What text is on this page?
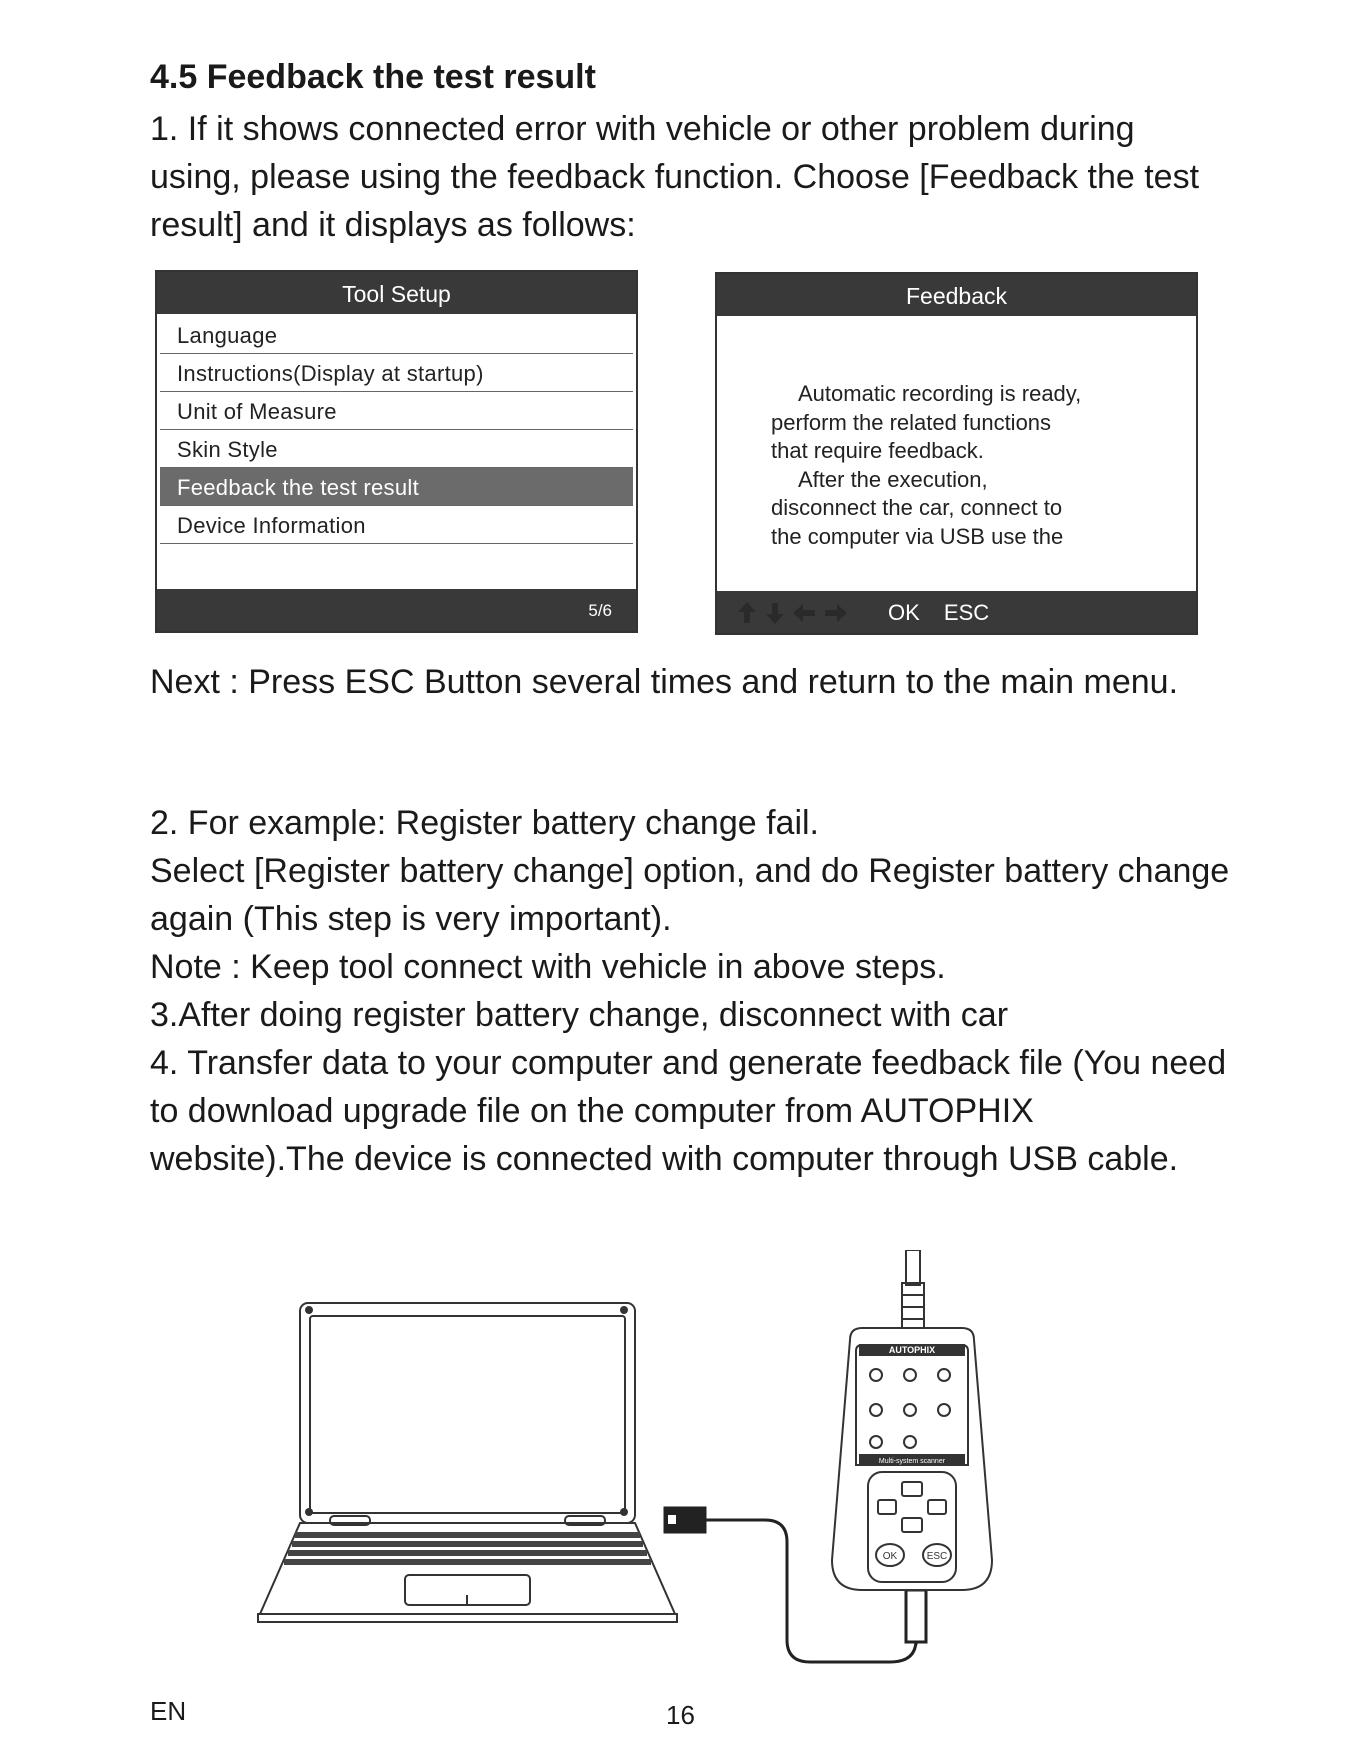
4.5 Feedback the test result

1. If it shows connected error with vehicle or other problem during using, please using the feedback function. Choose [Feedback the test result] and it displays as follows:

Tool Setup
Language
Instructions(Display at startup)
Unit of Measure
Skin Style
Feedback the test result
Device Information
5/6
Feedback
Automatic recording is ready,
perform the related functions
that require feedback.
After the execution,
disconnect the car, connect to
the computer via USB use the
OK ESC

Next : Press ESC Button several times and return to the main menu.

2. For example: Register battery change fail.

Select [Register battery change] option, and do Register battery change again (This step is very important).

Note : Keep tool connect with vehicle in above steps.

3.After doing register battery change, disconnect with car

4. Transfer data to your computer and generate feedback file (You need to download upgrade file on the computer from AUTOPHIX website).The device is connected with computer through USB cable.

AUTOPHIX
Multi-system scanner
OK	ESC
EN	16
